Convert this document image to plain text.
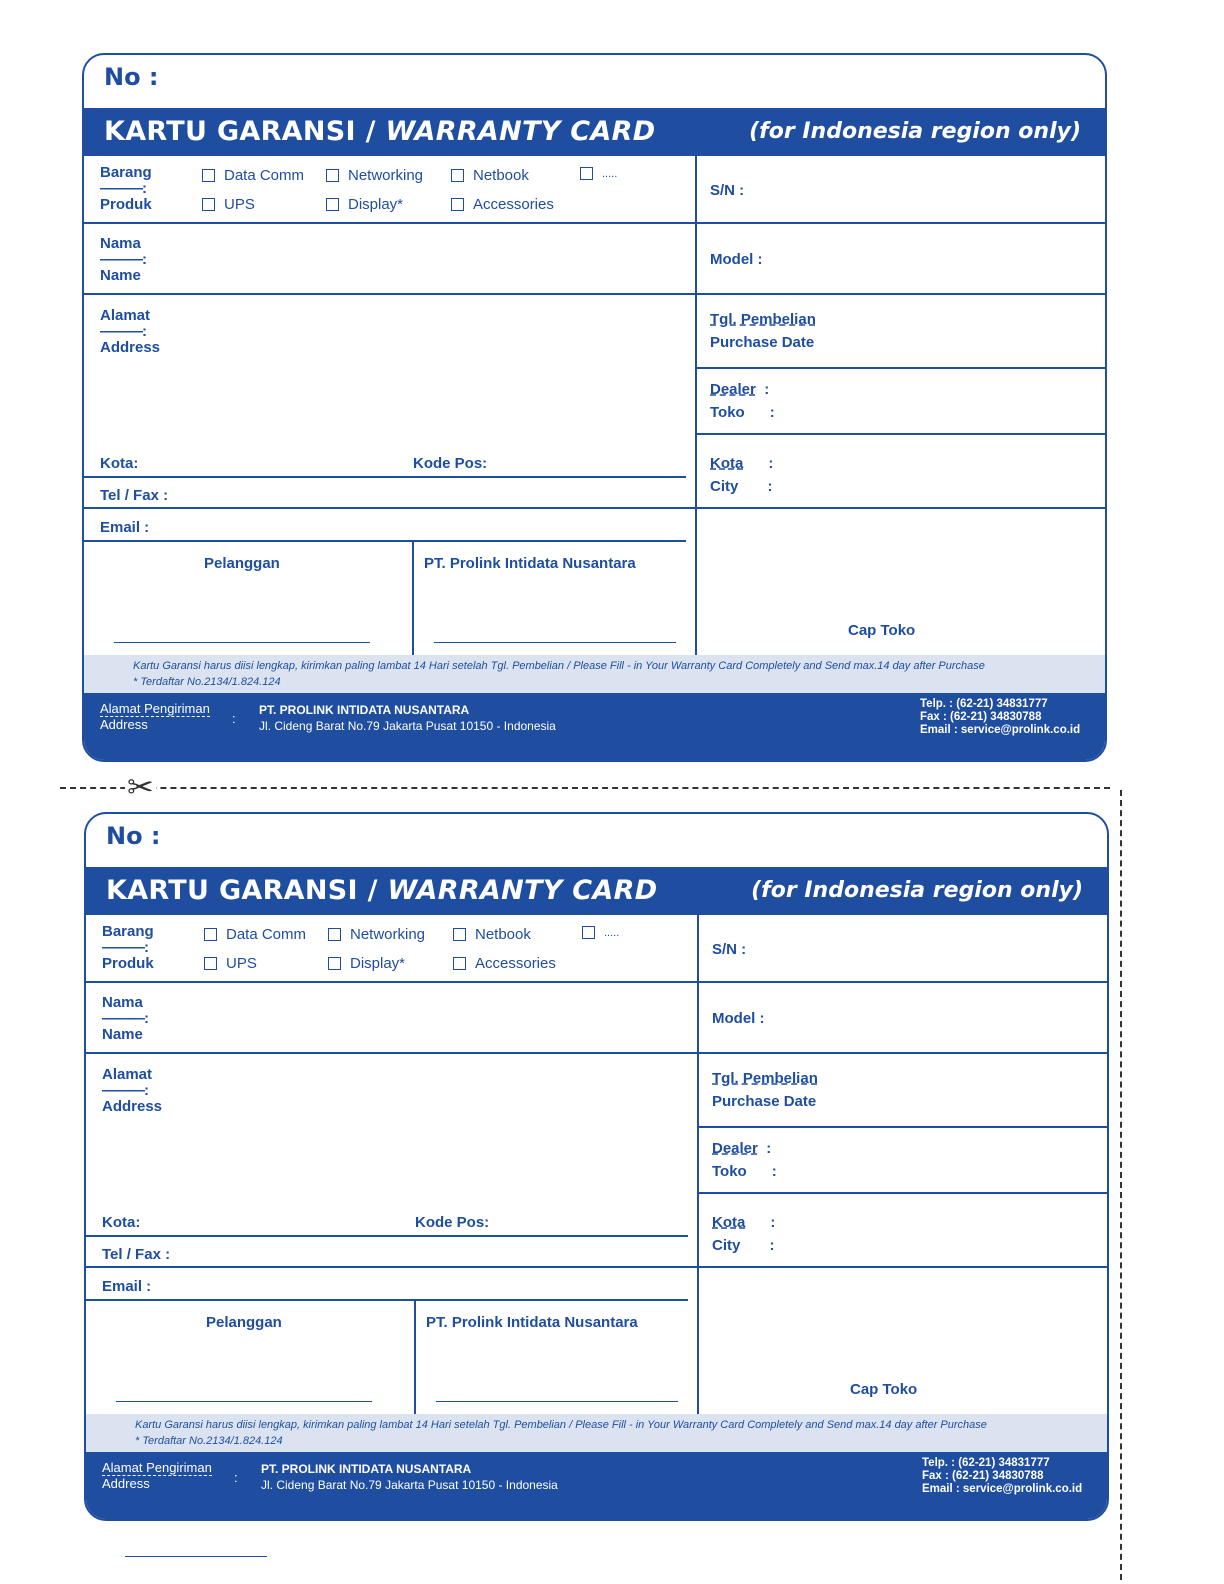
No :
KARTU GARANSI / WARRANTY CARD	(for Indonesia region only)
Barang
———:
Produk
Data Comm	Networking	Netbook	.....
UPS	Display*	Accessories
S/N :
Nama
———:
Name
Model :
Alamat
———:
Address
Tgl. Pembelian
Purchase Date
Dealer :
Toko :
Kota:	Kode Pos:	Kota :
City :
Tel / Fax :
Email :
Pelanggan	PT. Prolink Intidata Nusantara
Cap Toko
Kartu Garansi harus diisi lengkap, kirimkan paling lambat 14 Hari setelah Tgl. Pembelian / Please Fill - in Your Warranty Card Completely and Send max.14 day after Purchase
* Terdaftar No.2134/1.824.124
Alamat Pengiriman
Address	:
PT. PROLINK INTIDATA NUSANTARA
Jl. Cideng Barat No.79 Jakarta Pusat 10150 - Indonesia
Telp. : (62-21) 34831777
Fax : (62-21) 34830788
Email : service@prolink.co.id
No :
KARTU GARANSI / WARRANTY CARD	(for Indonesia region only)
Barang
———:
Produk
Data Comm	Networking	Netbook	.....
UPS	Display*	Accessories
S/N :
Nama
———:
Name
Model :
Alamat
———:
Address
Tgl. Pembelian
Purchase Date
Dealer :
Toko :
Kota:	Kode Pos:	Kota :
City :
Tel / Fax :
Email :
Pelanggan	PT. Prolink Intidata Nusantara
Cap Toko
Kartu Garansi harus diisi lengkap, kirimkan paling lambat 14 Hari setelah Tgl. Pembelian / Please Fill - in Your Warranty Card Completely and Send max.14 day after Purchase
* Terdaftar No.2134/1.824.124
Alamat Pengiriman
Address	:
PT. PROLINK INTIDATA NUSANTARA
Jl. Cideng Barat No.79 Jakarta Pusat 10150 - Indonesia
Telp. : (62-21) 34831777
Fax : (62-21) 34830788
Email : service@prolink.co.id
✂
